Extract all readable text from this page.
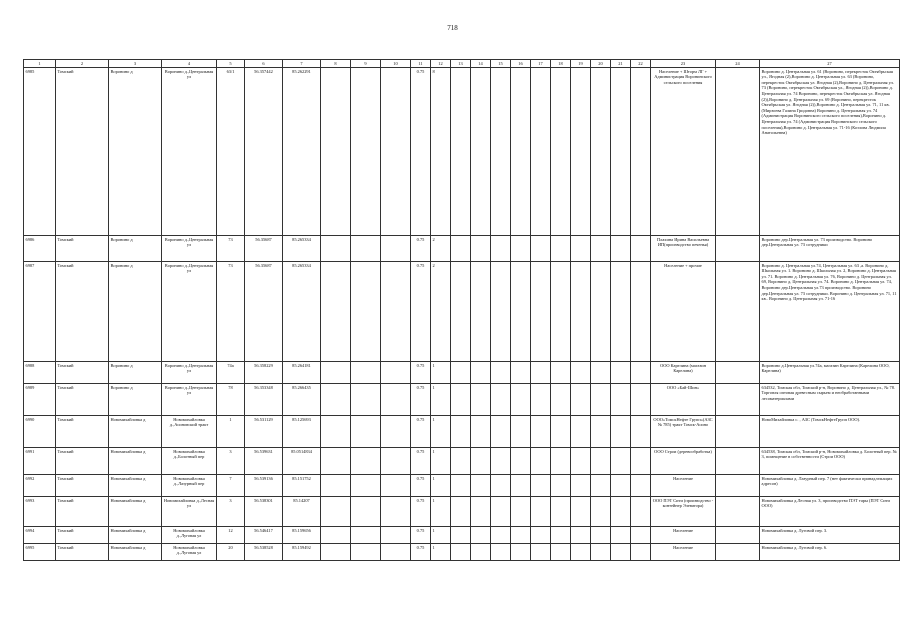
718
1	2	3	4	5	6	7	8	9	10	11	12	13	14	15	16	17	18	19	20	21	22	23	24	27
6985	Томский	Воронино д	Воронино д.,Центральная ул	63/1	56.357442	85.262291				0.75	8											Население + Шторм ЛГ + Администрация Воронинского сельского поселения		Воронино д. Центральная ул. 61 (Воронино, перекресток Октябрьская ул., Ягодная (2),Воронино д. Центральная ул. 63 (Воронино, перекресток Октябрьская ул. Ягодная (2),Воронино д. Центральная ул. 73 (Воронино, перекресток Октябрьская ул., Ягодная (2)),Воронино д. Центральная ул. 74 Воронино, перекресток Октябрьская ул. Ягодная (2)),Воронино д. Центральная ул. 69 (Воронино, перекресток Октябрьская ул. Ягодная (2)),Воронино д. Центральная ул. 71, 11 кв. (Мирзоева Галина Гридовна) Воронино д. Центральная ул. 74 (Администрация Воронинского сельского поселения),Воронино д. Центральная ул. 74 (Администрация Воронинского сельского поселения),Воронино д. Центральная ул. 71-16 (Козлова Людмила Анатольевна)
6986	Томский	Воронино д	Воронино д.,Центральная ул	73	56.35687	85.265334				0.75	2											Плахина Ирина Васильевна ИП(производство печенья)		Воронино дер.Центральная ул. 73 производство. Воронино дер.Центральная ул. 73 сотрудники
6987	Томский	Воронино д	Воронино д.,Центральная ул	73	56.35687	85.265334				0.75	2											Население + прочие		Воронино д. Центральная ул.74, Центральная ул. 63 ,а. Воронино д. Школьная ул. 1. Воронино д. Школьная ул. 2, Воронино д. Центральная ул. 71. Воронино д. Центральная ул. 76, Воронино д. Центральная ул. 69, Воронино д. Центральная ул. 74. Воронино д. Центральная ул. 74, Воронино дер.Центральная ул.73 производство. Воронино дер.Центральная ул. 73 сотрудники. Воронино д. Центральная ул. 71, 11 кв.. Воронино д. Центральная ул. 71-16
6988	Томский	Воронино д	Воронино д.,Центральная ул	74а	56.358229	85.264181				0.75	1											ООО Карелина (магазин Карелина)		Воронино д.Центральная ул.74а, магазин Карелина (Карелина ООО, Карелина)
6989	Томский	Воронино д	Воронино д.,Центральная ул	78	56.353348	85.266435				0.75	1											ООО «Бай-Шин»		634532, Томская обл, Томский р-н, Воронино д. Центральная ул., № 78. Торговля оптовая древесным сырьем и необработанными лесоматериалами
6990	Томский	Новомихайловка д	Новомихайловка д.,Асиновский тракт	1	56.531129	85.125693				0.75	1											ООО«ТомскНефте Групп»(АЗС № 785) тракт Томск-Асино		НовоМихайловка с. , АЗС (ТомскНефтеГрупп ООО).
6991	Томский	Новомихайловка д	Новомихайловка д.,Болотный пер	3	56.539631	85.0514834				0.75	1											ООО Строи (деревообработка)		634538, Томская обл, Томский р-н, Новомихайловка д. Болотный пер. № 3, помещение в собственности (Строи ООО)
6992	Томский	Новомихайловка д	Новомихайловка д.,Лазурный пер	7	56.539136	85.151752				0.75	1											Население		Новомихайловка д. Лазурный пер. 7 (нет фактически принадлежащих адресов)
6993	Томский	Новомихайловка д	Новомихайловка д.,Лесная ул	3	56.538301	85.14207				0.75	1											ООО ПЭТ Сити (производство - контейнер Элеватора)		Новомихайловка д.Лесная ул. 3, производство ПЭТ тары (ПЭТ Сити ООО)
6994	Томский	Новомихайловка д	Новомихайловка д.,Луговая ул	12	56.546417	85.159656				0.75	1											Население		Новомихайловка д. Луговой пер. 3.
6995	Томский	Новомихайловка д	Новомихайловка д.,Луговая ул	20	56.538528	85.159492				0.75	1											Население		Новомихайловка д. Луговой пер. 6.
